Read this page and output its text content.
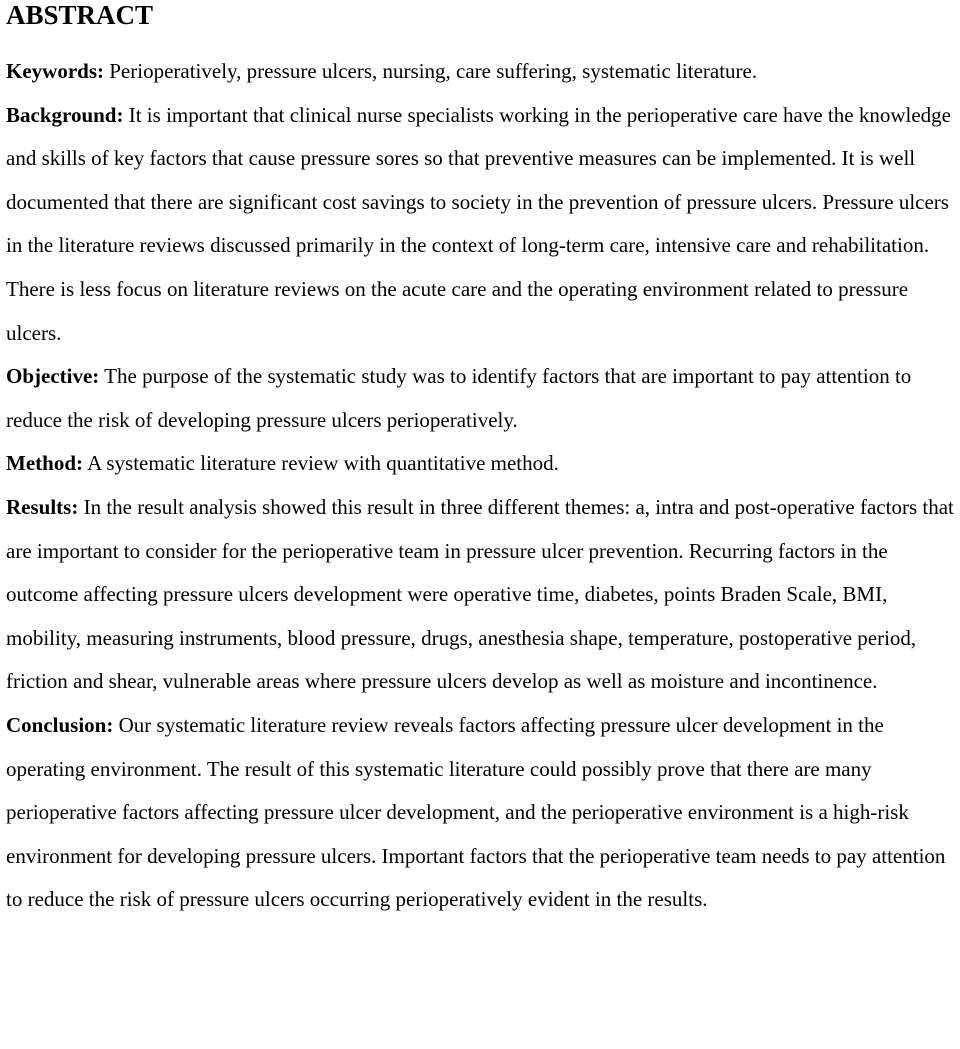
ABSTRACT

Keywords: Perioperatively, pressure ulcers, nursing, care suffering, systematic literature.

Background: It is important that clinical nurse specialists working in the perioperative care have the knowledge and skills of key factors that cause pressure sores so that preventive measures can be implemented. It is well documented that there are significant cost savings to society in the prevention of pressure ulcers. Pressure ulcers in the literature reviews discussed primarily in the context of long-term care, intensive care and rehabilitation. There is less focus on literature reviews on the acute care and the operating environment related to pressure ulcers.

Objective: The purpose of the systematic study was to identify factors that are important to pay attention to reduce the risk of developing pressure ulcers perioperatively.

Method: A systematic literature review with quantitative method.

Results: In the result analysis showed this result in three different themes: a, intra and post-operative factors that are important to consider for the perioperative team in pressure ulcer prevention. Recurring factors in the outcome affecting pressure ulcers development were operative time, diabetes, points Braden Scale, BMI, mobility, measuring instruments, blood pressure, drugs, anesthesia shape, temperature, postoperative period, friction and shear, vulnerable areas where pressure ulcers develop as well as moisture and incontinence.

Conclusion: Our systematic literature review reveals factors affecting pressure ulcer development in the operating environment. The result of this systematic literature could possibly prove that there are many perioperative factors affecting pressure ulcer development, and the perioperative environment is a high-risk environment for developing pressure ulcers. Important factors that the perioperative team needs to pay attention to reduce the risk of pressure ulcers occurring perioperatively evident in the results.
